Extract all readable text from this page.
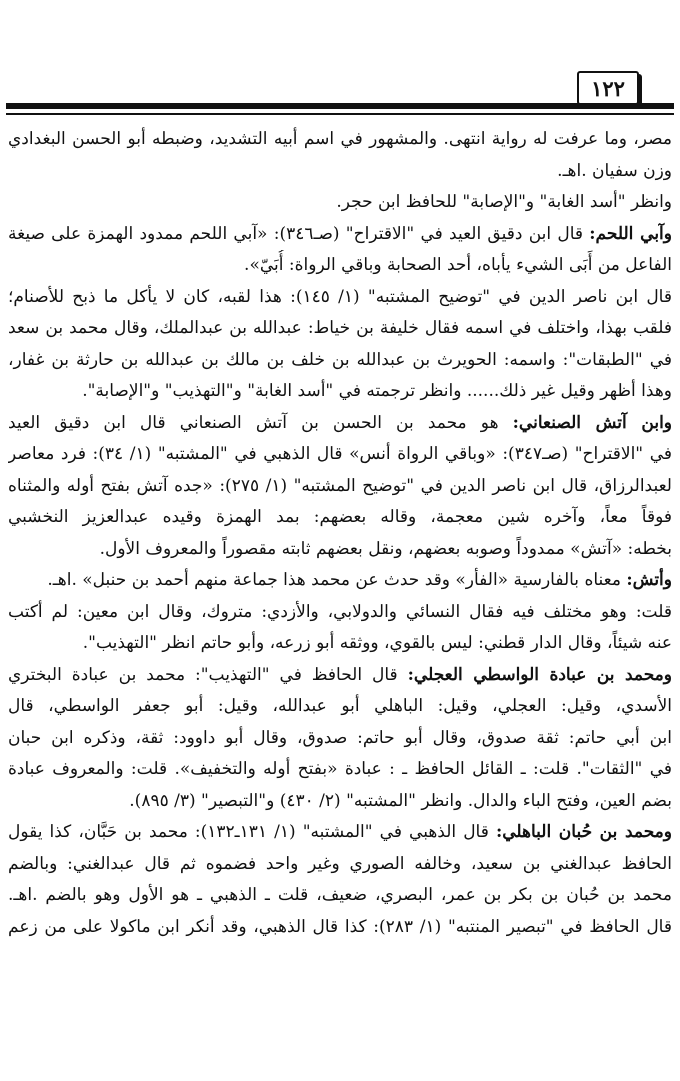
١٢٢
مصر، وما عرفت له رواية انتهى. والمشهور في اسم أبيه التشديد، وضبطه أبو الحسن البغدادي
وزن سفيان .اهـ.
وانظر "أسد الغابة" و"الإصابة" للحافظ ابن حجر.
وآبي اللحم: قال ابن دقيق العيد في "الاقتراح" (صـ٣٤٦): «آبي اللحم ممدود الهمزة على صيغة
الفاعل من أَبَى الشيء يأباه، أحد الصحابة وباقي الرواة: أُبَيّ».
قال ابن ناصر الدين في "توضيح المشتبه" (١/ ١٤٥): هذا لقبه، كان لا يأكل ما ذبح للأصنام؛
فلقب بهذا، واختلف في اسمه فقال خليفة بن خياط: عبدالله بن عبدالملك، وقال محمد بن سعد
في "الطبقات": واسمه: الحويرث بن عبدالله بن خلف بن مالك بن عبدالله بن حارثة بن غفار،
وهذا أظهر وقيل غير ذلك...... وانظر ترجمته في "أسد الغابة" و"التهذيب" و"الإصابة".
وابن آتش الصنعاني: هو محمد بن الحسن بن آتش الصنعاني قال ابن دقيق العيد
في "الاقتراح" (صـ٣٤٧): «وباقي الرواة أنس» قال الذهبي في "المشتبه" (١/ ٣٤): فرد معاصر
لعبدالرزاق، قال ابن ناصر الدين في "توضيح المشتبه" (١/ ٢٧٥): «جده آتش بفتح أوله والمثناه
فوقاً معاً، وآخره شين معجمة، وقاله بعضهم: بمد الهمزة وقيده عبدالعزيز النخشبي
بخطه: «آتش» ممدوداً وصوبه بعضهم، ونقل بعضهم ثابته مقصوراً والمعروف الأول.
وأتش: معناه بالفارسية «الفأر» وقد حدث عن محمد هذا جماعة منهم أحمد بن حنبل» .اهـ.
قلت: وهو مختلف فيه فقال النسائي والدولابي، والأزدي: متروك، وقال ابن معين: لم أكتب
عنه شيئاً، وقال الدار قطني: ليس بالقوي، ووثقه أبو زرعه، وأبو حاتم انظر "التهذيب".
ومحمد بن عبادة الواسطي العجلي: قال الحافظ في "التهذيب": محمد بن عبادة البختري
الأسدي، وقيل: العجلي، وقيل: الباهلي أبو عبدالله، وقيل: أبو جعفر الواسطي، قال
ابن أبي حاتم: ثقة صدوق، وقال أبو حاتم: صدوق، وقال أبو داوود: ثقة، وذكره ابن حبان
في "الثقات". قلت: ـ القائل الحافظ ـ : عبادة «بفتح أوله والتخفيف». قلت: والمعروف عبادة
بضم العين، وفتح الباء والدال. وانظر "المشتبه" (٢/ ٤٣٠) و"التبصير" (٣/ ٨٩٥).
ومحمد بن حُبان الباهلي: قال الذهبي في "المشتبه" (١/ ١٣١ـ١٣٢): محمد بن حَبَّان، كذا يقول
الحافظ عبدالغني بن سعيد، وخالفه الصوري وغير واحد فضموه ثم قال عبدالغني: وبالضم
محمد بن حُبان بن بكر بن عمر، البصري، ضعيف، قلت ـ الذهبي ـ هو الأول وهو بالضم .اهـ.
قال الحافظ في "تبصير المنتبه" (١/ ٢٨٣): كذا قال الذهبي، وقد أنكر ابن ماكولا على من زعم
